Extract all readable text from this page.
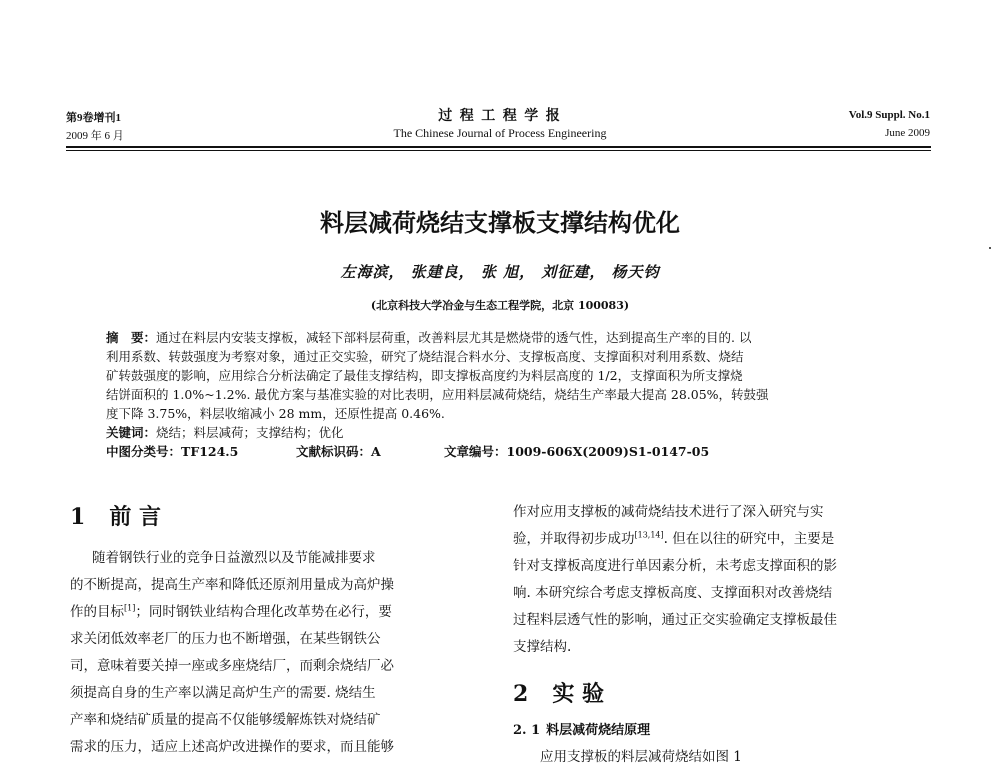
第9卷增刊1
2009 年 6 月
过 程 工 程 学 报
The Chinese Journal of Process Engineering
Vol.9 Suppl. No.1
June 2009
料层减荷烧结支撑板支撑结构优化
左海滨， 张建良， 张 旭， 刘征建， 杨天钧
(北京科技大学冶金与生态工程学院，北京 100083)
摘　要：通过在料层内安装支撑板，减轻下部料层荷重，改善料层尤其是燃烧带的透气性，达到提高生产率的目的. 以
利用系数、转鼓强度为考察对象，通过正交实验，研究了烧结混合料水分、支撑板高度、支撑面积对利用系数、烧结
矿转鼓强度的影响，应用综合分析法确定了最佳支撑结构，即支撑板高度约为料层高度的 1/2，支撑面积为所支撑烧
结饼面积的 1.0%~1.2%. 最优方案与基准实验的对比表明，应用料层减荷烧结，烧结生产率最大提高 28.05%，转鼓强
度下降 3.75%，料层收缩减小 28 mm，还原性提高 0.46%.
关键词：烧结；料层减荷；支撑结构；优化
中图分类号：TF124.5	文献标识码：A	文章编号：1009-606X(2009)S1-0147-05
1 前 言
随着钢铁行业的竞争日益激烈以及节能减排要求
的不断提高，提高生产率和降低还原剂用量成为高炉操
作的目标[1]；同时钢铁业结构合理化改革势在必行，要
求关闭低效率老厂的压力也不断增强，在某些钢铁公
司，意味着要关掉一座或多座烧结厂，而剩余烧结厂必
须提高自身的生产率以满足高炉生产的需要. 烧结生
产率和烧结矿质量的提高不仅能够缓解炼铁对烧结矿
需求的压力，适应上述高炉改进操作的要求，而且能够
作对应用支撑板的减荷烧结技术进行了深入研究与实
验，并取得初步成功[13,14]. 但在以往的研究中，主要是
针对支撑板高度进行单因素分析，未考虑支撑面积的影
响. 本研究综合考虑支撑板高度、支撑面积对改善烧结
过程料层透气性的影响，通过正交实验确定支撑板最佳
支撑结构.
2 实 验
2. 1 料层减荷烧结原理
应用支撑板的料层减荷烧结如图 1
